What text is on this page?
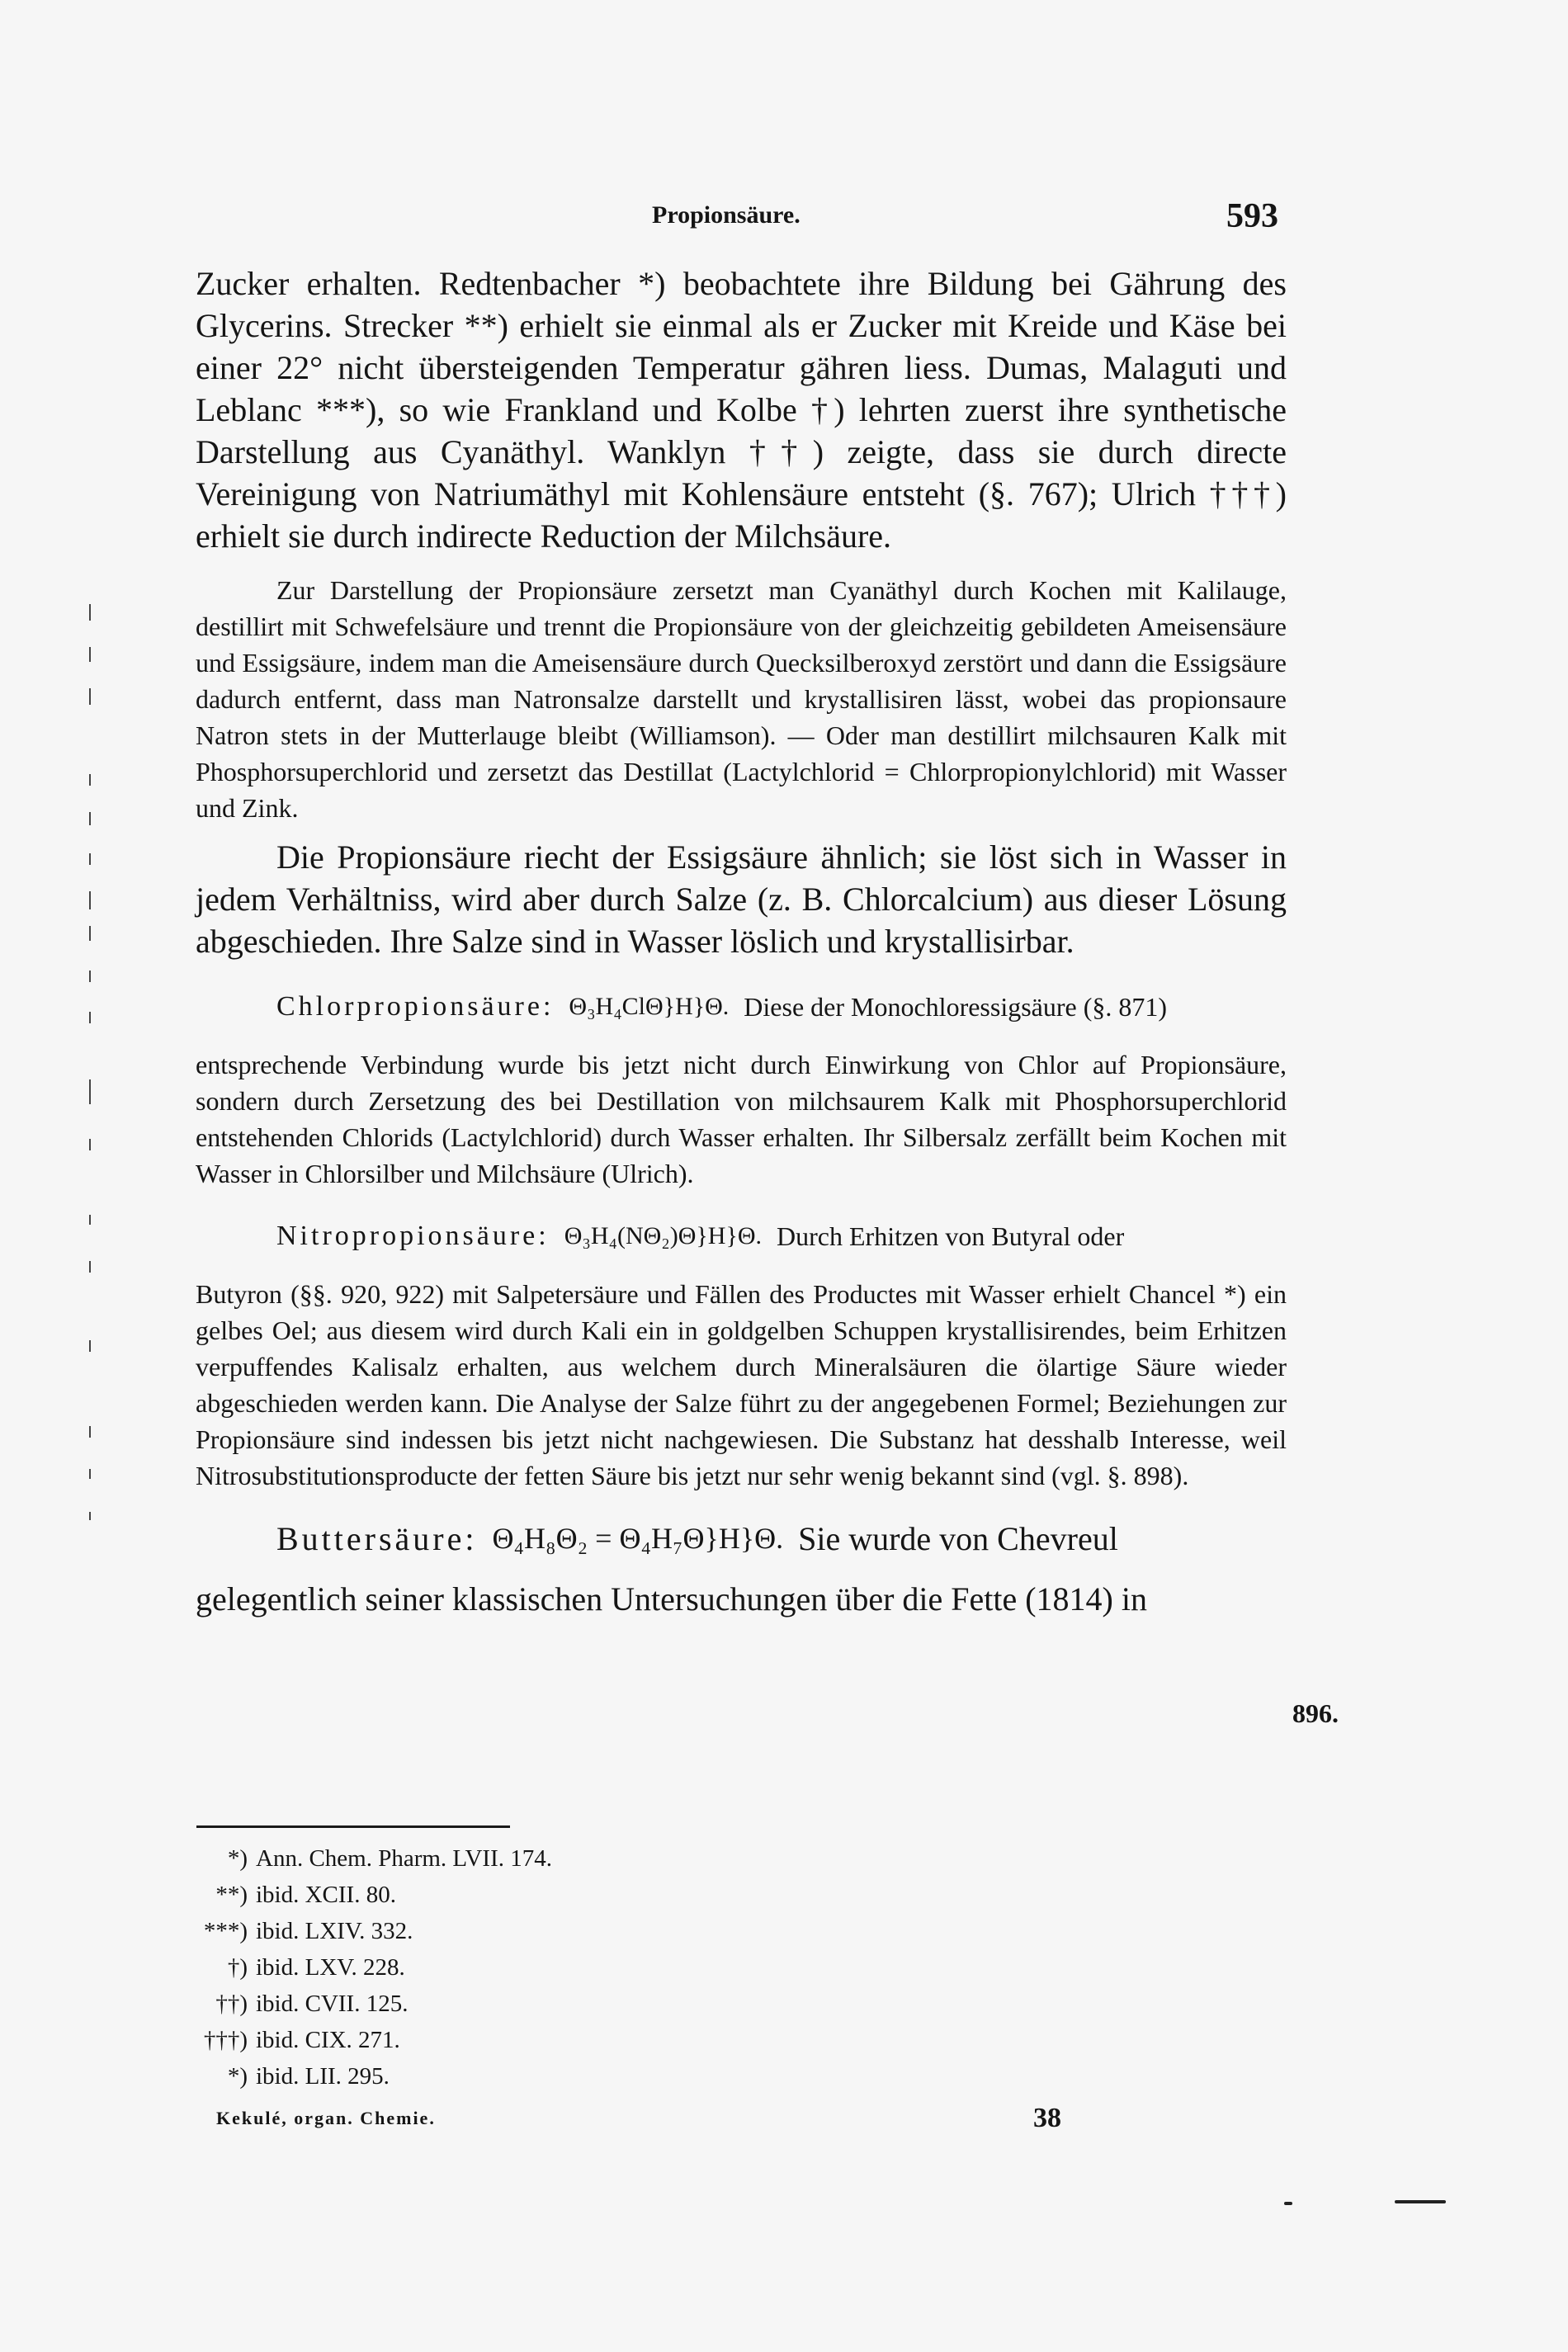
Propionsäure.	593

Zucker erhalten. Redtenbacher *) beobachtete ihre Bildung bei Gährung des Glycerins. Strecker **) erhielt sie einmal als er Zucker mit Kreide und Käse bei einer 22° nicht übersteigenden Temperatur gähren liess. Dumas, Malaguti und Leblanc ***), so wie Frankland und Kolbe †) lehrten zuerst ihre synthetische Darstellung aus Cyanäthyl. Wanklyn ††) zeigte, dass sie durch directe Vereinigung von Natriumäthyl mit Kohlensäure entsteht (§. 767); Ulrich †††) erhielt sie durch indirecte Reduction der Milchsäure.

Zur Darstellung der Propionsäure zersetzt man Cyanäthyl durch Kochen mit Kalilauge, destillirt mit Schwefelsäure und trennt die Propionsäure von der gleichzeitig gebildeten Ameisensäure und Essigsäure, indem man die Ameisensäure durch Quecksilberoxyd zerstört und dann die Essigsäure dadurch entfernt, dass man Natronsalze darstellt und krystallisiren lässt, wobei das propionsaure Natron stets in der Mutterlauge bleibt (Williamson). — Oder man destillirt milchsauren Kalk mit Phosphorsuperchlorid und zersetzt das Destillat (Lactylchlorid = Chlorpropionylchlorid) mit Wasser und Zink.

Die Propionsäure riecht der Essigsäure ähnlich; sie löst sich in Wasser in jedem Verhältniss, wird aber durch Salze (z. B. Chlorcalcium) aus dieser Lösung abgeschieden. Ihre Salze sind in Wasser löslich und krystallisirbar.

Chlorpropionsäure: Θ₃H₄ClΘ}H}Θ. Diese der Monochloressigsäure (§. 871)

entsprechende Verbindung wurde bis jetzt nicht durch Einwirkung von Chlor auf Propionsäure, sondern durch Zersetzung des bei Destillation von milchsaurem Kalk mit Phosphorsuperchlorid entstehenden Chlorids (Lactylchlorid) durch Wasser erhalten. Ihr Silbersalz zerfällt beim Kochen mit Wasser in Chlorsilber und Milchsäure (Ulrich).

Nitropropionsäure: Θ₃H₄(NΘ₂)Θ}H}Θ. Durch Erhitzen von Butyral oder

Butyron (§§. 920, 922) mit Salpetersäure und Fällen des Productes mit Wasser erhielt Chancel *) ein gelbes Oel; aus diesem wird durch Kali ein in goldgelben Schuppen krystallisirendes, beim Erhitzen verpuffendes Kalisalz erhalten, aus welchem durch Mineralsäuren die ölartige Säure wieder abgeschieden werden kann. Die Analyse der Salze führt zu der angegebenen Formel; Beziehungen zur Propionsäure sind indessen bis jetzt nicht nachgewiesen. Die Substanz hat desshalb Interesse, weil Nitrosubstitutionsproducte der fetten Säure bis jetzt nur sehr wenig bekannt sind (vgl. §. 898).

Buttersäure: Θ₄H₈Θ₂ = Θ₄H₇Θ}H}Θ. Sie wurde von Chevreul

gelegentlich seiner klassischen Untersuchungen über die Fette (1814) in

896.
*) Ann. Chem. Pharm. LVII. 174.
**) ibid. XCII. 80.
***) ibid. LXIV. 332.
†) ibid. LXV. 228.
††) ibid. CVII. 125.
†††) ibid. CIX. 271.
*) ibid. LII. 295.
Kekulé, organ. Chemie.	38
